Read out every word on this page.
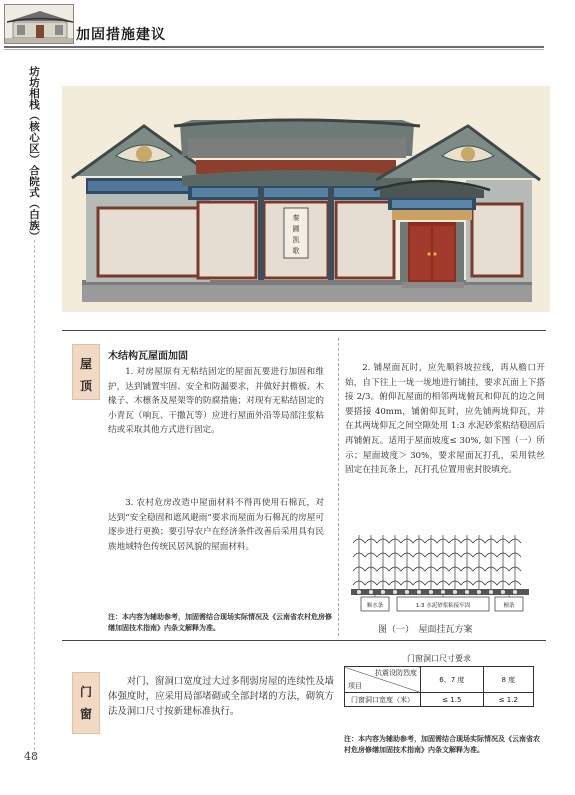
加固措施建议
坊坊相栈（核心区）合院式（白族）
48
秦
圃
凯
歌
屋
顶
木结构瓦屋面加固

1. 对房屋原有无粘结固定的屋面瓦要进行加固和维护，达到铺置牢固、安全和防漏要求，并做好封檐板、木椽子、木檩条及屋架等的防腐措施；对现有无粘结固定的小青瓦（响瓦、干撒瓦等）应进行屋面外沿等局部注浆粘结或采取其他方式进行固定。

3. 农村危房改造中屋面材料不得再使用石棉瓦，对达到“安全稳固和遮风避雨”要求而屋面为石棉瓦的房屋可逐步进行更换；要引导农户在经济条件改善后采用具有民族地域特色传统民居风貌的屋面材料。

2. 铺屋面瓦时，应先顺斜坡拉线，再从檐口开始，自下往上一垅一垅地进行铺挂，要求瓦面上下搭接 2/3。俯仰瓦屋面的相邻两垅俯瓦和仰瓦的边之间要搭接 40mm，铺俯仰瓦时，应先铺两垅仰瓦，并在其两垅仰瓦之间空隙处用 1:3 水泥砂浆粘结稳固后再铺俯瓦。适用于屋面坡度≤ 30%, 如下图（一）所示；屋面坡度＞ 30%，要求屋面瓦打孔，采用铁丝固定在挂瓦条上，瓦打孔位置用密封胶填充。

注：本内容为辅助参考，加固需结合现场实际情况及《云南省农村危房修缮加固技术指南》内条文解释为准。

顺水条	1:3 水泥砂浆粘接牢固	檩条
图（一）　屋面挂瓦方案
门
窗

对门、窗洞口宽度过大过多削弱房屋的连续性及墙体强度时，应采用局部堵砌或全部封堵的方法，砌筑方法及洞口尺寸按新建标准执行。

门窗洞口尺寸要求
抗震设防烈度
项目	6、7 度	8 度
门窗洞口宽度（米）	≤ 1.5	≤ 1.2

注：本内容为辅助参考，加固需结合现场实际情况及《云南省农村危房修缮加固技术指南》内条文解释为准。
